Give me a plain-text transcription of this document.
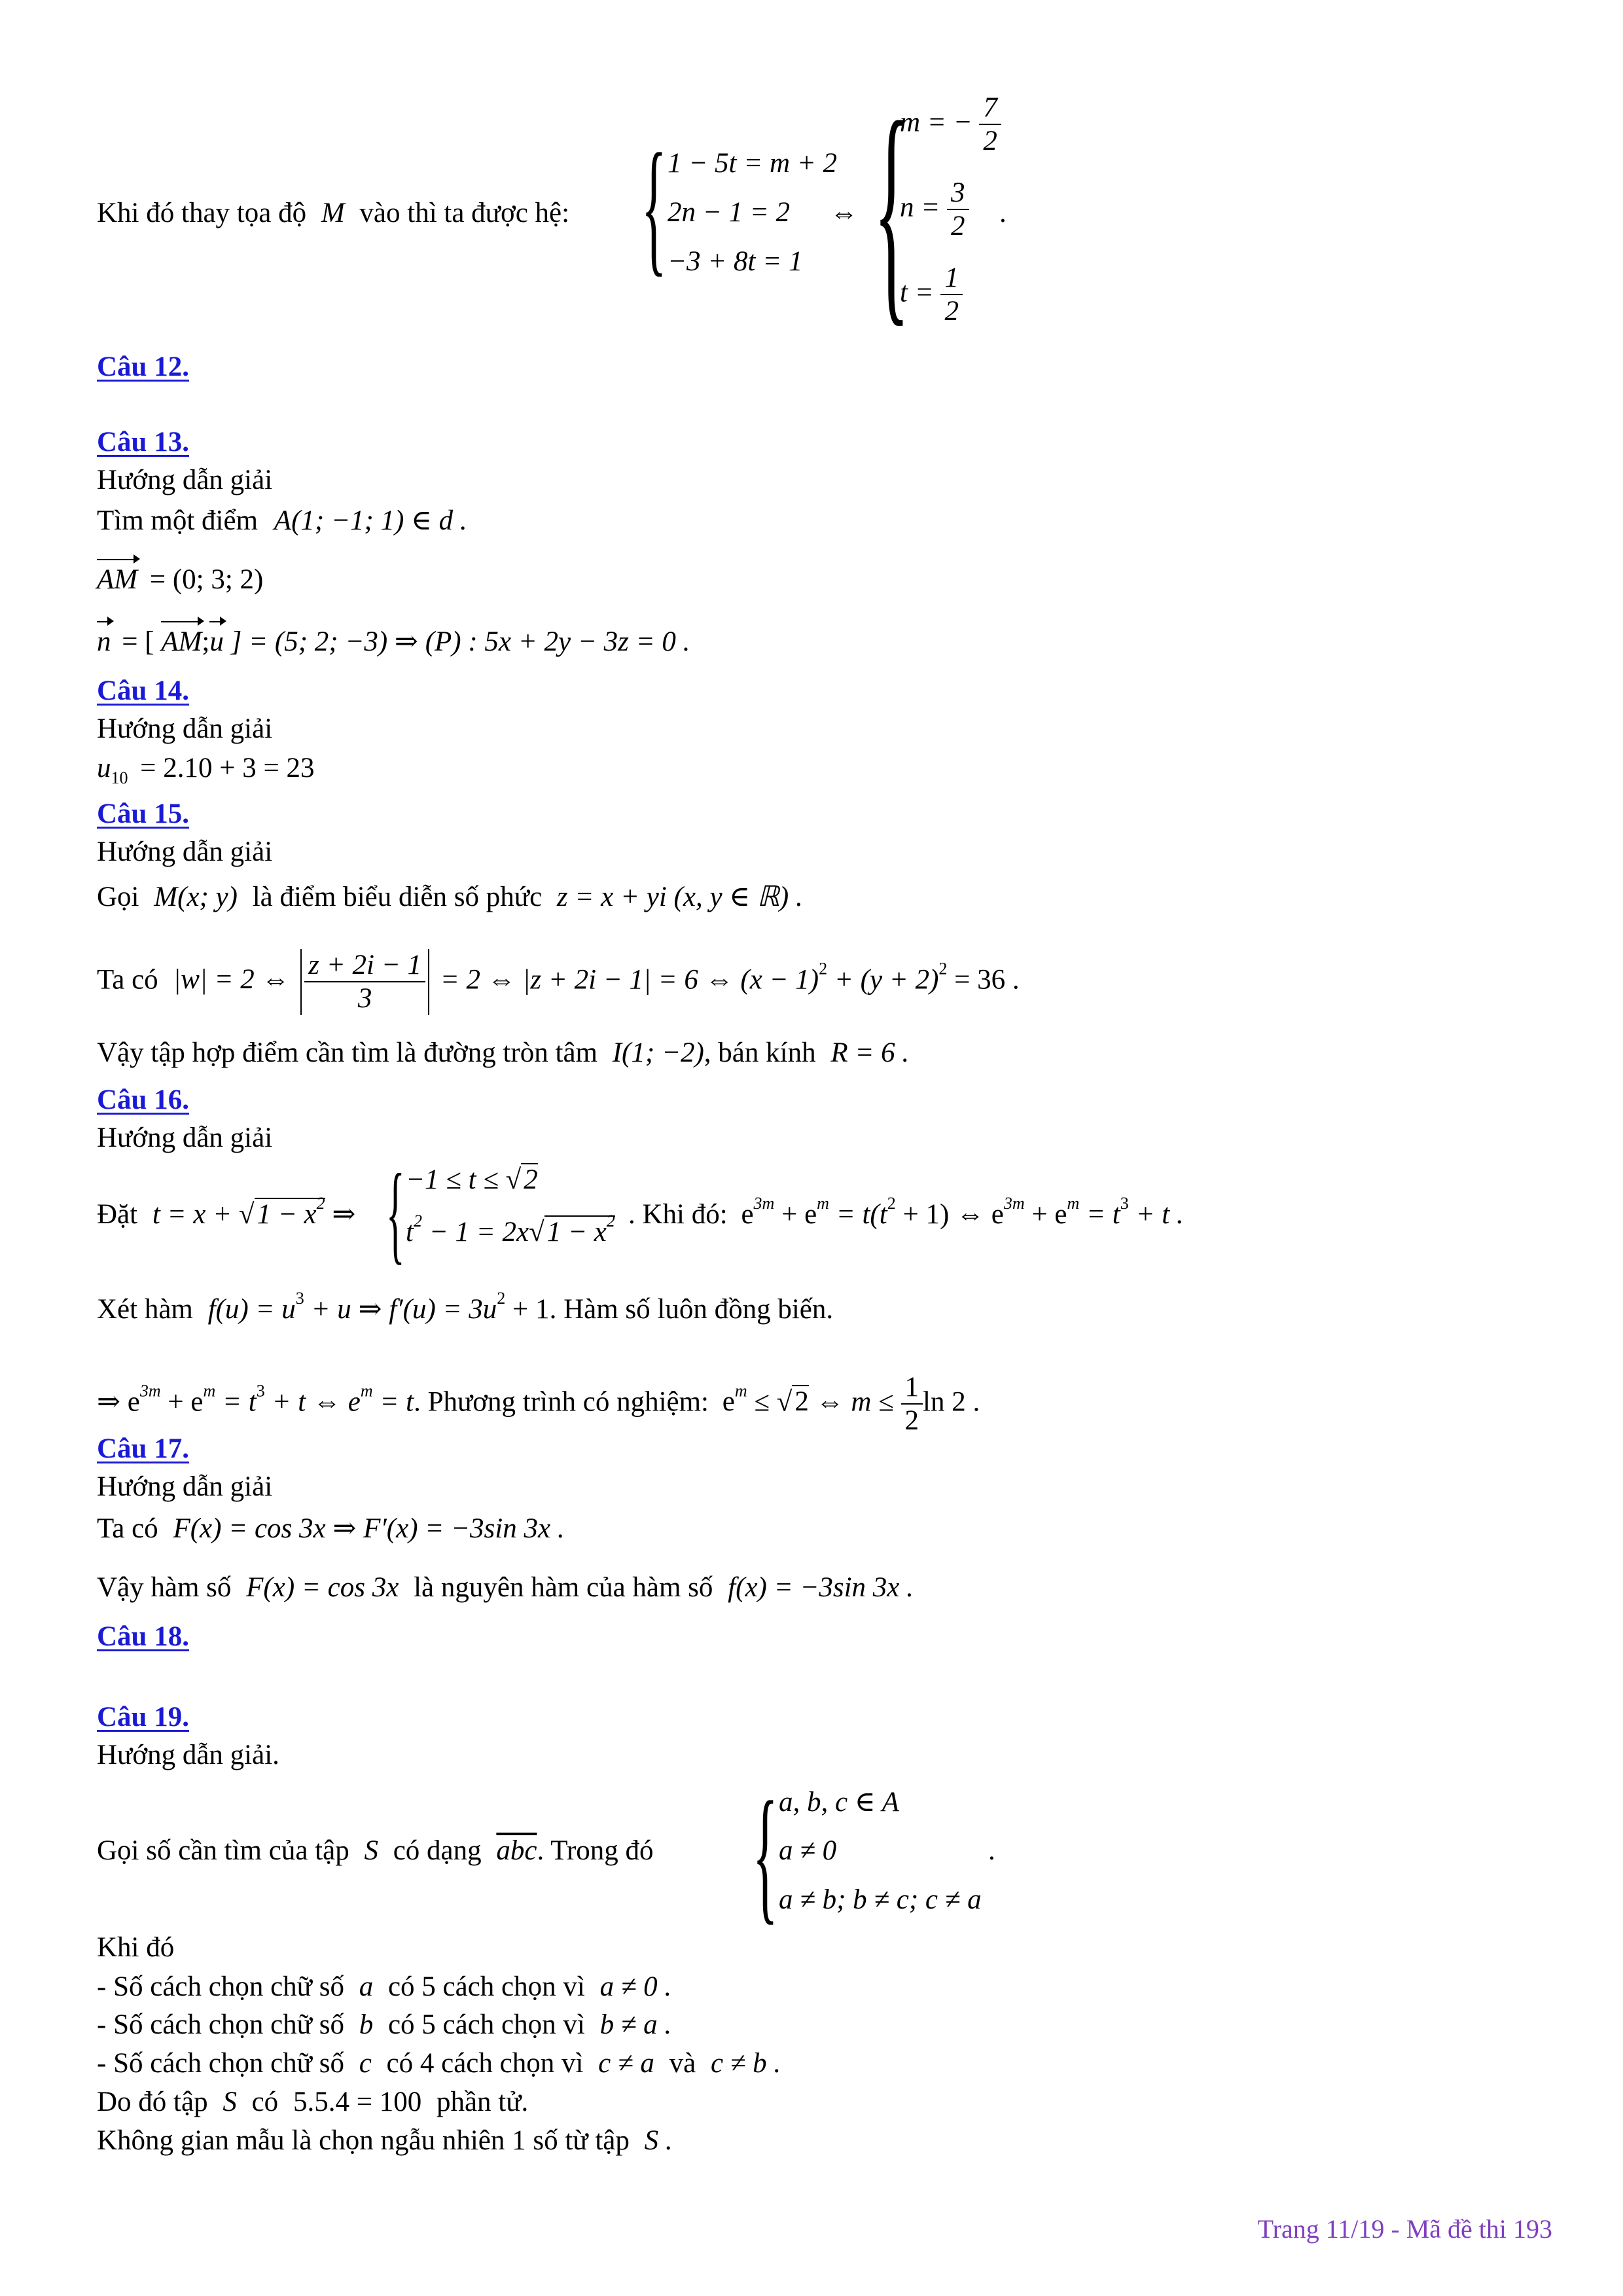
Khi đó thay tọa độ M vào thì ta được hệ: { 1 − 5t = m + 2
2n − 1 = 2
−3 + 8t = 1
⇔ {
m = − $\frac{7}{2}$
$n = \frac{3}{2}$
$t = \frac{1}{2}$
.
Câu 12.
Câu 13.
Hướng dẫn giải
Tìm một điểm A(1; −1; 1) ∈ d .
AM = (0; 3; 2)
n = [ AM;u ] = (5; 2; −3) ⇒ (P) : 5x + 2y − 3z = 0 .
Câu 14.
Hướng dẫn giải
$u_{10} = 2.10 + 3 = 23$
Câu 15.
Hướng dẫn giải
Gọi M(x; y) là điểm biểu diễn số phức z = x + yi (x, y ∈ ℝ) .
Ta có |w| = 2 ⇔ $\frac{z + 2i - 1}{3} = 2$ ⇔ |z + 2i − 1| = 6 ⇔ $(x - 1)^2 + (y + 2)^2 = 36$ .
Vậy tập hợp điểm cần tìm là đường tròn tâm I(1; −2), bán kính R = 6 .
Câu 16.
Hướng dẫn giải
Đặt $t = x + √1 - x^2$ ⇒ { −1 ≤ t ≤ √2
$t^2 - 1 = 2x√1 - x^2$ . Khi đó: $e^{3m} + e^m = t(t^2 + 1)$ ⇔ $e^{3m} + e^m = t^3 + t$ .
Xét hàm $f(u) = u^3 + u$ ⇒ $f'(u) = 3u^2 + 1$. Hàm số luôn đồng biến.
⇒ $e^{3m} + e^m = t^3 + t$ ⇔ $e^m = t$. Phương trình có nghiệm: $e^m \le √2$ ⇔ $m \le \frac{1}{2}$ ln 2 .
Câu 17.
Hướng dẫn giải
Ta có F(x) = cos 3x ⇒ F′(x) = −3sin 3x .
Vậy hàm số F(x) = cos 3x là nguyên hàm của hàm số f(x) = −3sin 3x .
Câu 18.
Câu 19.
Hướng dẫn giải.
Gọi số cần tìm của tập S có dạng $\overline{abc}$. Trong đó { a, b, c ∈ A
a ≠ 0
a ≠ b; b ≠ c; c ≠ a
.
Khi đó
- Số cách chọn chữ số a có 5 cách chọn vì a ≠ 0 .
- Số cách chọn chữ số b có 5 cách chọn vì b ≠ a .
- Số cách chọn chữ số c có 4 cách chọn vì c ≠ a và c ≠ b .
Do đó tập S có 5.5.4 = 100 phần tử.
Không gian mẫu là chọn ngẫu nhiên 1 số từ tập S .
Trang 11/19 - Mã đề thi 193
